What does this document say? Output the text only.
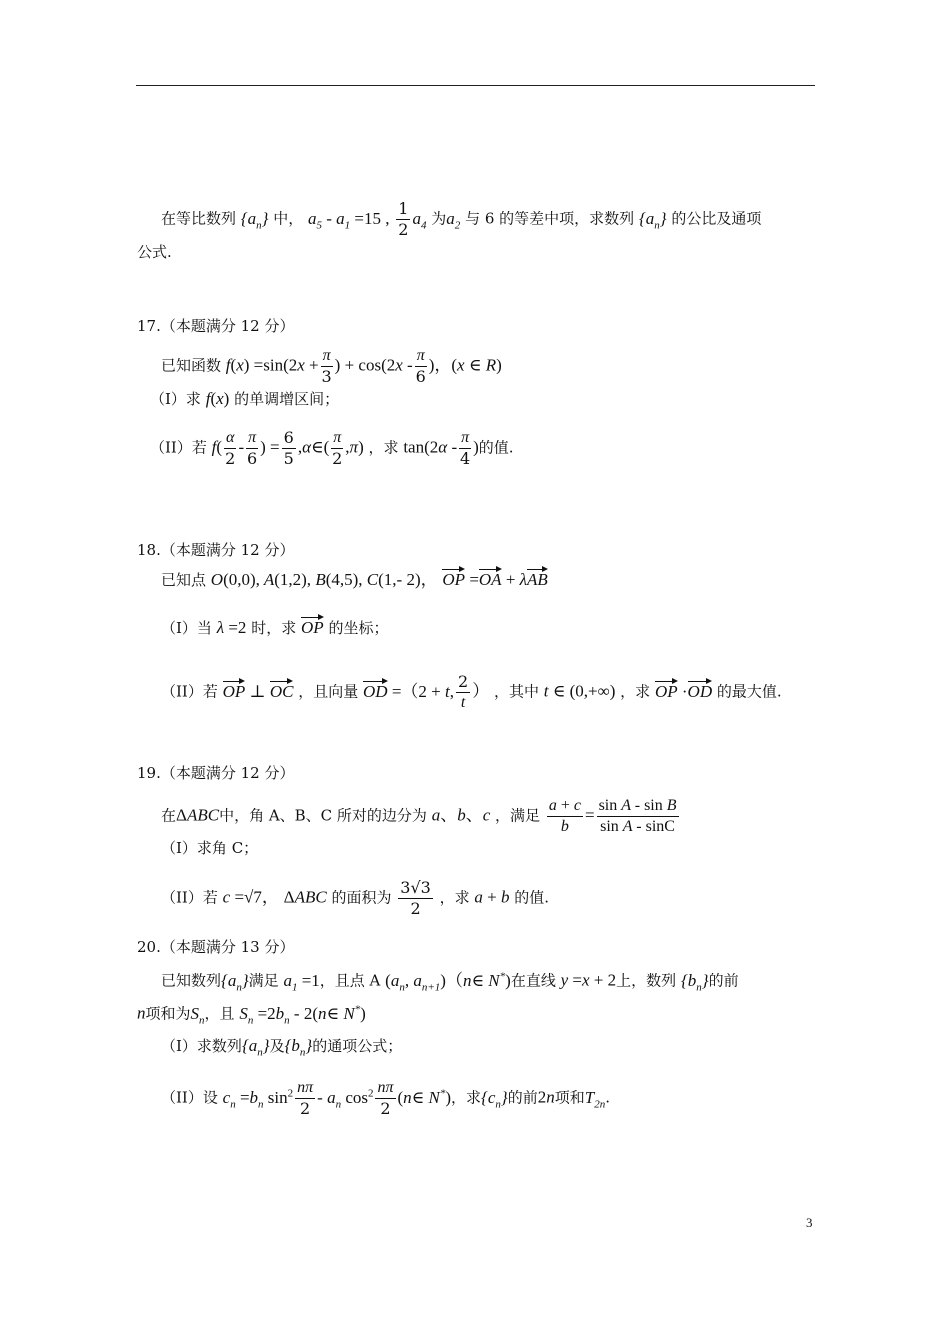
在等比数列 $\{a_n\}$ 中， $a_5 - a_1 =15$ , $\frac{1}{2} a_4$ 为$a_2$ 与 6 的等差中项，求数列 $\{a_n\}$ 的公比及通项
公式.
17.（本题满分 12 分）
已知函数 $f(x) =\sin(2x + \frac{\pi}{3}$ ) + $\cos(2x - \frac{\pi}{6}$ )，(x ∈ R)
（I）求 f(x) 的单调增区间；
（II）若 $f( \frac{\alpha}{2} - \frac{\pi}{6}$ ) = $\frac{6}{5}$ ,α∈( $\frac{\pi}{2} ,\pi$) ，求 $\tan(2\alpha - \frac{\pi}{4}$ )的值.
18.（本题满分 12 分）
已知点 O(0,0), A(1,2), B(4,5), C(1,- 2)， OP =OA + λAB
（I）当 λ =2 时，求 OP 的坐标；
（II）若 OP ⊥ OC ，且向量 OD =（2 + t, $\frac{2}{t}$ ） ，其中 t ∈ (0,+∞) ，求 OP ·OD 的最大值.
19.（本题满分 12 分）
在ΔABC中，角 A、B、C 所对的边分为 a、b、c ，满足 $\frac{a + c}{b} = \frac{\text{sin A - sin B}}{\text{sin A - sinC}}$
（I）求角 C；
（II）若 c =√7， ΔABC 的面积为 $\frac{3√3}{2}$ ，求 a + b 的值.
20.（本题满分 13 分）
已知数列$\{a_n\}$满足 $a_1 =1$，且点 A ($a_n$, $a_{n+1})(n\in$ N*)在直线 y =x + 2上，数列 $\{b_n\}$的前
n项和为$S_n$，且 $S_n =2b_n$ - 2(n∈ N*)
（I）求数列$\{a_n\}$及$\{b_n\}$的通项公式；
（II）设 $c_n =b_n$ $\sin^2 \frac{n\pi}{2} - a_n$ $\cos^2 \frac{n\pi}{2}$ (n∈ N*)，求$\{c_n\}$的前2n项和$T_{2n}$.
3
